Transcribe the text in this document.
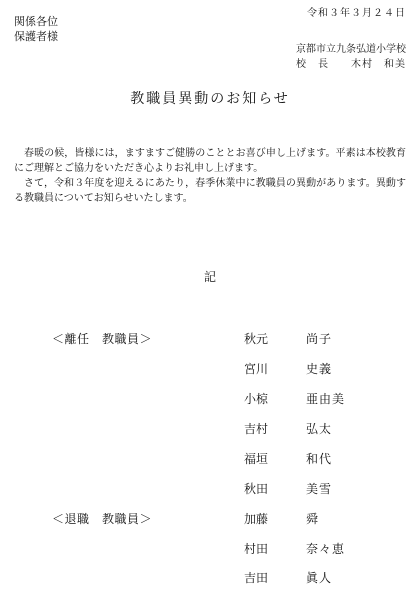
令和３年３月２４日
関係各位
保護者様
京都市立九条弘道小学校
校　長 木村　和美
教職員異動のお知らせ

春暖の候，皆様には，ますますご健勝のこととお喜び申し上げます。平素は本校教育にご理解とご協力をいただき心よりお礼申し上げます。

さて，令和３年度を迎えるにあたり，春季休業中に教職員の異動があります。異動する教職員についてお知らせいたします。

記
＜離任　教職員＞	秋元	尚子
宮川	史義
小椋	亜由美
吉村	弘太
福垣	和代
秋田	美雪
＜退職　教職員＞	加藤	舜
村田	奈々恵
吉田	眞人
